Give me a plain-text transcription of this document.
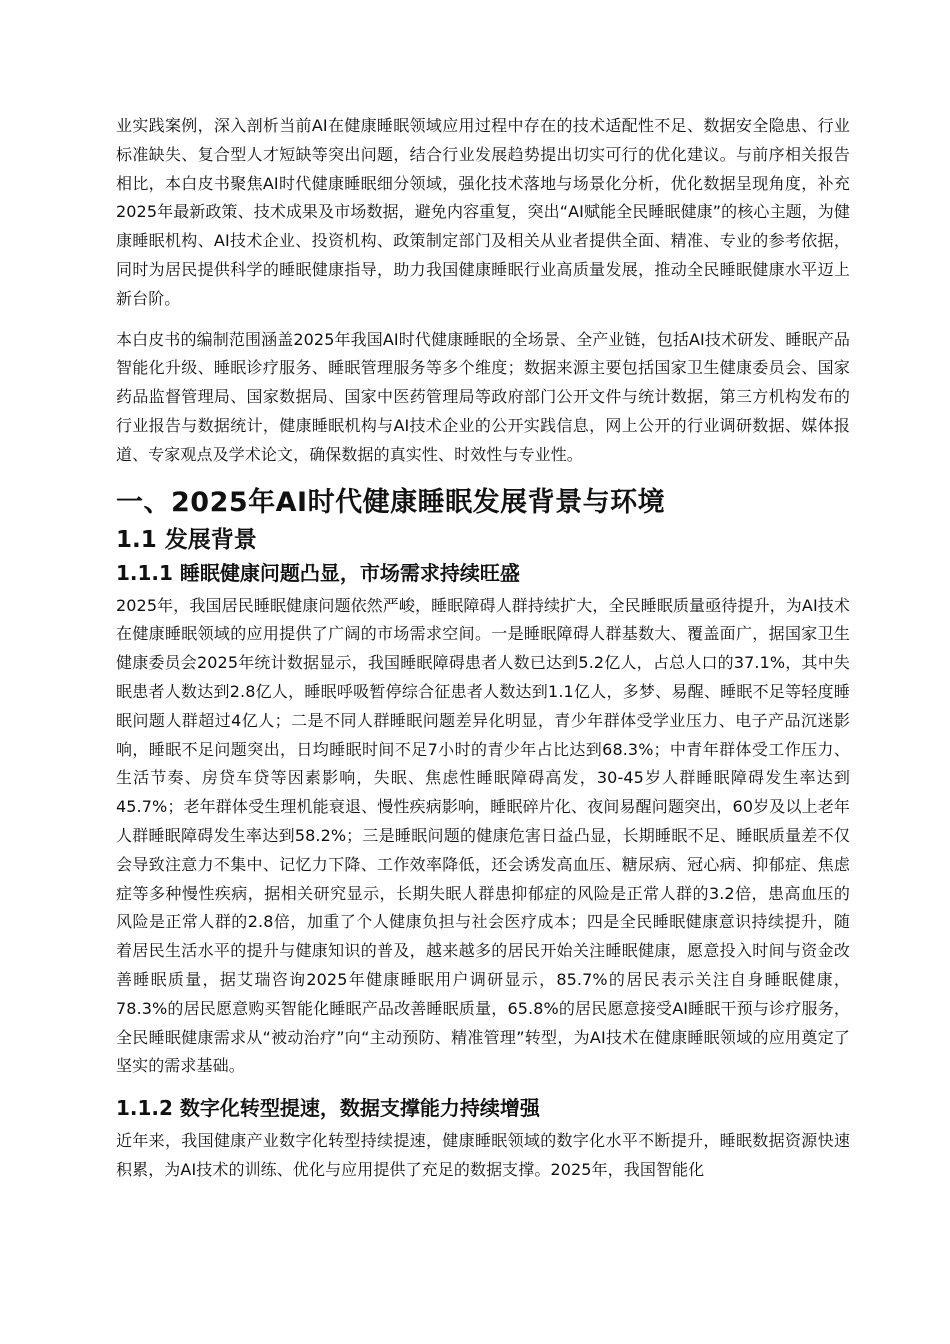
业实践案例，深入剖析当前AI在健康睡眠领域应用过程中存在的技术适配性不足、数据安全隐患、行业标准缺失、复合型人才短缺等突出问题，结合行业发展趋势提出切实可行的优化建议。与前序相关报告相比，本白皮书聚焦AI时代健康睡眠细分领域，强化技术落地与场景化分析，优化数据呈现角度，补充2025年最新政策、技术成果及市场数据，避免内容重复，突出“AI赋能全民睡眠健康”的核心主题，为健康睡眠机构、AI技术企业、投资机构、政策制定部门及相关从业者提供全面、精准、专业的参考依据，同时为居民提供科学的睡眠健康指导，助力我国健康睡眠行业高质量发展，推动全民睡眠健康水平迈上新台阶。

本白皮书的编制范围涵盖2025年我国AI时代健康睡眠的全场景、全产业链，包括AI技术研发、睡眠产品智能化升级、睡眠诊疗服务、睡眠管理服务等多个维度；数据来源主要包括国家卫生健康委员会、国家药品监督管理局、国家数据局、国家中医药管理局等政府部门公开文件与统计数据，第三方机构发布的行业报告与数据统计，健康睡眠机构与AI技术企业的公开实践信息，网上公开的行业调研数据、媒体报道、专家观点及学术论文，确保数据的真实性、时效性与专业性。

一、2025年AI时代健康睡眠发展背景与环境
1.1 发展背景
1.1.1 睡眠健康问题凸显，市场需求持续旺盛

2025年，我国居民睡眠健康问题依然严峻，睡眠障碍人群持续扩大，全民睡眠质量亟待提升，为AI技术在健康睡眠领域的应用提供了广阔的市场需求空间。一是睡眠障碍人群基数大、覆盖面广，据国家卫生健康委员会2025年统计数据显示，我国睡眠障碍患者人数已达到5.2亿人，占总人口的37.1%，其中失眠患者人数达到2.8亿人，睡眠呼吸暂停综合征患者人数达到1.1亿人，多梦、易醒、睡眠不足等轻度睡眠问题人群超过4亿人；二是不同人群睡眠问题差异化明显，青少年群体受学业压力、电子产品沉迷影响，睡眠不足问题突出，日均睡眠时间不足7小时的青少年占比达到68.3%；中青年群体受工作压力、生活节奏、房贷车贷等因素影响，失眠、焦虑性睡眠障碍高发，30-45岁人群睡眠障碍发生率达到45.7%；老年群体受生理机能衰退、慢性疾病影响，睡眠碎片化、夜间易醒问题突出，60岁及以上老年人群睡眠障碍发生率达到58.2%；三是睡眠问题的健康危害日益凸显，长期睡眠不足、睡眠质量差不仅会导致注意力不集中、记忆力下降、工作效率降低，还会诱发高血压、糖尿病、冠心病、抑郁症、焦虑症等多种慢性疾病，据相关研究显示，长期失眠人群患抑郁症的风险是正常人群的3.2倍，患高血压的风险是正常人群的2.8倍，加重了个人健康负担与社会医疗成本；四是全民睡眠健康意识持续提升，随着居民生活水平的提升与健康知识的普及，越来越多的居民开始关注睡眠健康，愿意投入时间与资金改善睡眠质量，据艾瑞咨询2025年健康睡眠用户调研显示，85.7%的居民表示关注自身睡眠健康，78.3%的居民愿意购买智能化睡眠产品改善睡眠质量，65.8%的居民愿意接受AI睡眠干预与诊疗服务，全民睡眠健康需求从“被动治疗”向“主动预防、精准管理”转型，为AI技术在健康睡眠领域的应用奠定了坚实的需求基础。

1.1.2 数字化转型提速，数据支撑能力持续增强

近年来，我国健康产业数字化转型持续提速，健康睡眠领域的数字化水平不断提升，睡眠数据资源快速积累，为AI技术的训练、优化与应用提供了充足的数据支撑。2025年，我国智能化
